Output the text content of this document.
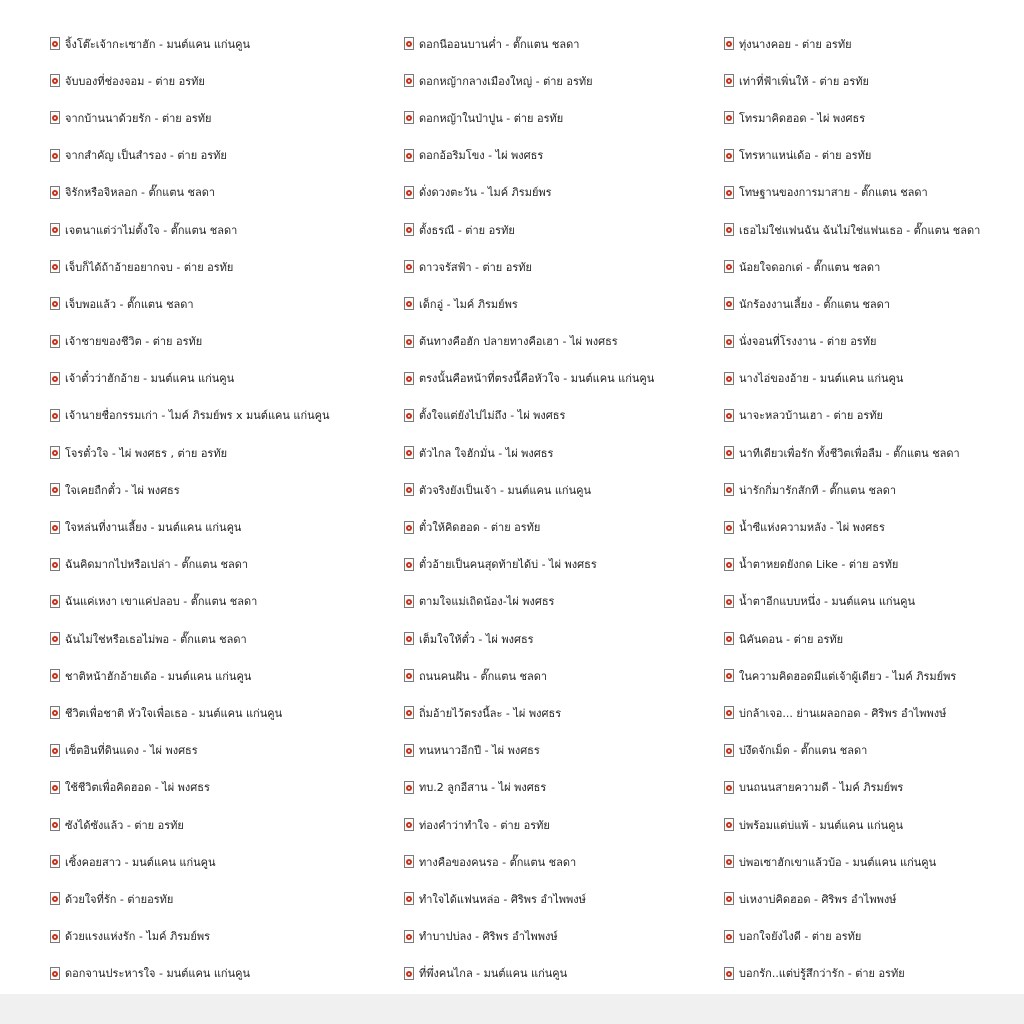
จิ้งโต๊ะเจ้ากะเซาฮัก - มนต์แคน แก่นคูน
จับบองที่ช่องจอม - ต่าย อรทัย
จากบ้านนาด้วยรัก - ต่าย อรทัย
จากสำคัญ เป็นสำรอง - ต่าย อรทัย
จิรักหรือจิหลอก - ตั๊กแตน ชลดา
เจตนาแต่ว่าไม่ตั้งใจ - ตั๊กแตน ชลดา
เจ็บก็ได้ถ้าอ้ายอยากจบ - ต่าย อรทัย
เจ็บพอแล้ว - ตั๊กแตน ชลดา
เจ้าชายของชีวิต - ต่าย อรทัย
เจ้าตั๋วว่าฮักอ้าย - มนต์แคน แก่นคูน
เจ้านายชื่อกรรมเก่า - ไมค์ ภิรมย์พร x มนต์แคน แก่นคูน
โจรตั๋วใจ - ไผ่ พงศธร , ต่าย อรทัย
ใจเคยถืกตั๋ว - ไผ่ พงศธร
ใจหล่นที่งานเลี้ยง - มนต์แคน แก่นคูน
ฉันคิดมากไปหรือเปล่า - ตั๊กแตน ชลดา
ฉันแค่เหงา เขาแค่ปลอบ - ตั๊กแตน ชลดา
ฉันไม่ใช่หรือเธอไม่พอ - ตั๊กแตน ชลดา
ชาติหน้าฮักอ้ายเด้อ - มนต์แคน แก่นคูน
ชีวิตเพื่อชาติ หัวใจเพื่อเธอ - มนต์แคน แก่นคูน
เซ็ตอินที่ดินแดง - ไผ่ พงศธร
ใช้ชีวิตเพื่อคิดฮอด - ไผ่ พงศธร
ซังได้ซังแล้ว - ต่าย อรทัย
เซิ้งคอยสาว - มนต์แคน แก่นคูน
ด้วยใจที่รัก - ต่ายอรทัย
ด้วยแรงแห่งรัก - ไมค์ ภิรมย์พร
ดอกจานประหารใจ - มนต์แคน แก่นคูน
ดอกนีออนบานค่ำ - ตั๊กแตน ชลดา
ดอกหญ้ากลางเมืองใหญ่ - ต่าย อรทัย
ดอกหญ้าในป่าปูน - ต่าย อรทัย
ดอกอ้อริมโขง - ไผ่ พงศธร
ดั่งดวงตะวัน - ไมค์ ภิรมย์พร
ตั้งธรณี - ต่าย อรทัย
ดาวจรัสฟ้า - ต่าย อรทัย
เด็กอู่ - ไมค์ ภิรมย์พร
ต้นทางคือฮัก ปลายทางคือเฮา - ไผ่ พงศธร
ตรงนั้นคือหน้าที่ตรงนี้คือหัวใจ - มนต์แคน แก่นคูน
ตั้งใจแต่ยังไปไม่ถึง - ไผ่ พงศธร
ตัวไกล ใจฮักมั่น - ไผ่ พงศธร
ตัวจริงยังเป็นเจ้า - มนต์แคน แก่นคูน
ตั๋วให้คิดฮอด - ต่าย อรทัย
ตั๋วอ้ายเป็นคนสุดท้ายได้บ่ - ไผ่ พงศธร
ตามใจแม่เถิดน้อง-ไผ่ พงศธร
เต็มใจให้ตั๋ว - ไผ่ พงศธร
ถนนคนฝัน - ตั๊กแตน ชลดา
ถิ่มอ้ายไว้ตรงนี้ละ - ไผ่ พงศธร
ทนหนาวอีกปี - ไผ่ พงศธร
ทบ.2 ลูกอีสาน - ไผ่ พงศธร
ท่องคำว่าทำใจ - ต่าย อรทัย
ทางคือของคนรอ - ตั๊กแตน ชลดา
ทำใจได้แฟนหล่อ - ศิริพร อำไพพงษ์
ทำบาปบ่ลง - ศิริพร อำไพพงษ์
ที่พึ่งคนไกล - มนต์แคน แก่นคูน
ทุ่งนางคอย - ต่าย อรทัย
เท่าที่ฟ้าเพิ่นให้ - ต่าย อรทัย
โทรมาคิดฮอด - ไผ่ พงศธร
โทรหาแหน่เด้อ - ต่าย อรทัย
โทษฐานของการมาสาย - ตั๊กแตน ชลดา
เธอไม่ใช่แฟนฉัน ฉันไม่ใช่แฟนเธอ - ตั๊กแตน ชลดา
น้อยใจดอกเด่ - ตั๊กแตน ชลดา
นักร้องงานเลี้ยง - ตั๊กแตน ชลดา
นั่งจอนที่โรงงาน - ต่าย อรทัย
นางไอ่ของอ้าย - มนต์แคน แก่นคูน
นาจะหลวบ้านเฮา - ต่าย อรทัย
นาทีเดียวเพื่อรัก ทั้งชีวิตเพื่อลืม - ตั๊กแตน ชลดา
น่ารักกิ่มารักสักที - ตั๊กแตน ชลดา
น้ำซีแห่งความหลัง - ไผ่ พงศธร
น้ำตาหยดยังกด Like - ต่าย อรทัย
น้ำตาอีกแบบหนึ่ง - มนต์แคน แก่นคูน
นิคันดอน - ต่าย อรทัย
ในความคิดฮอดมีแต่เจ้าผู้เดียว - ไมค์ ภิรมย์พร
บ่กล้าเจอ... ย่านเผลอกอด - ศิริพร อำไพพงษ์
บ่งึดจักเม็ด - ตั๊กแตน ชลดา
บนถนนสายความดี - ไมค์ ภิรมย์พร
บ่พร้อมแต่บ่แพ้ - มนต์แคน แก่นคูน
บ่พอเซาฮักเขาแล้วบ้อ - มนต์แคน แก่นคูน
บ่เหงาบ่คิดฮอด - ศิริพร อำไพพงษ์
บอกใจยังไงดี - ต่าย อรทัย
บอกรัก..แต่บ่รู้สึกว่ารัก - ต่าย อรทัย
